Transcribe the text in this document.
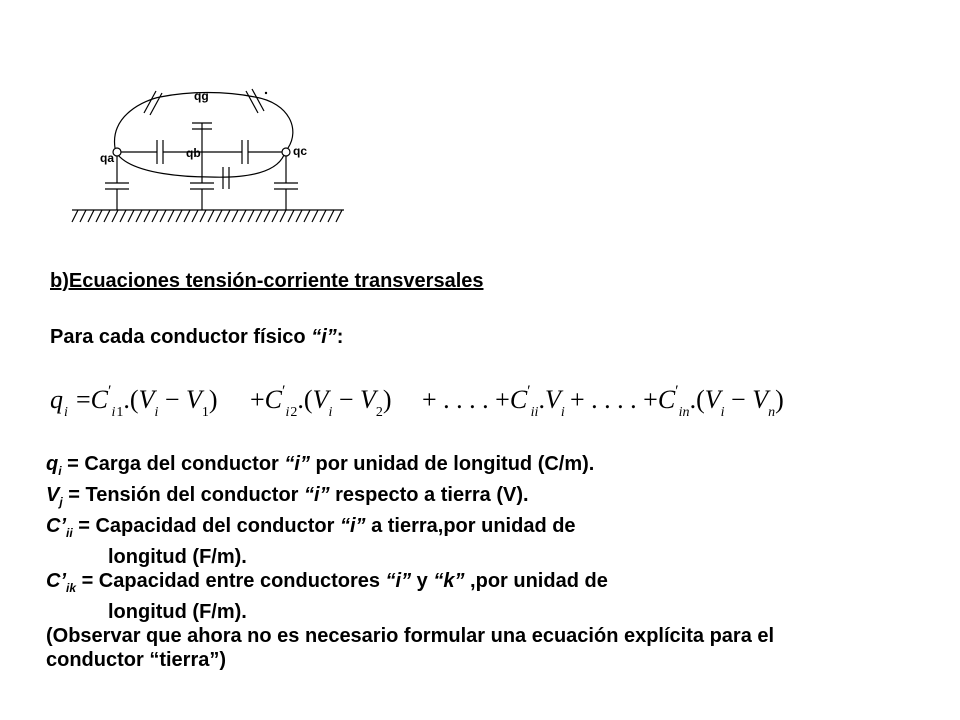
qa	qb	qc
qg
b)Ecuaciones tensión-corriente transversales
Para cada conductor físico “i”:
q $i =C'_i1.(V_i - V_1) +C'_i2.(V_i - V_2)$ + . . . . $+C'_{ii}.V_i$ + . . . . $+C'_{in}.(V_i - V_n)$
$q_i$ = Carga del conductor “i” por unidad de longitud (C/m).
$V_j$ = Tensión del conductor “i” respecto a tierra (V).
$C’_{ii}$ = Capacidad del conductor “i” a tierra,por unidad de
longitud (F/m).
$C’_{ik}$ = Capacidad entre conductores “i” y “k” ,por unidad de
longitud (F/m).
(Observar que ahora no es necesario formular una ecuación explícita para el
conductor “tierra”)
